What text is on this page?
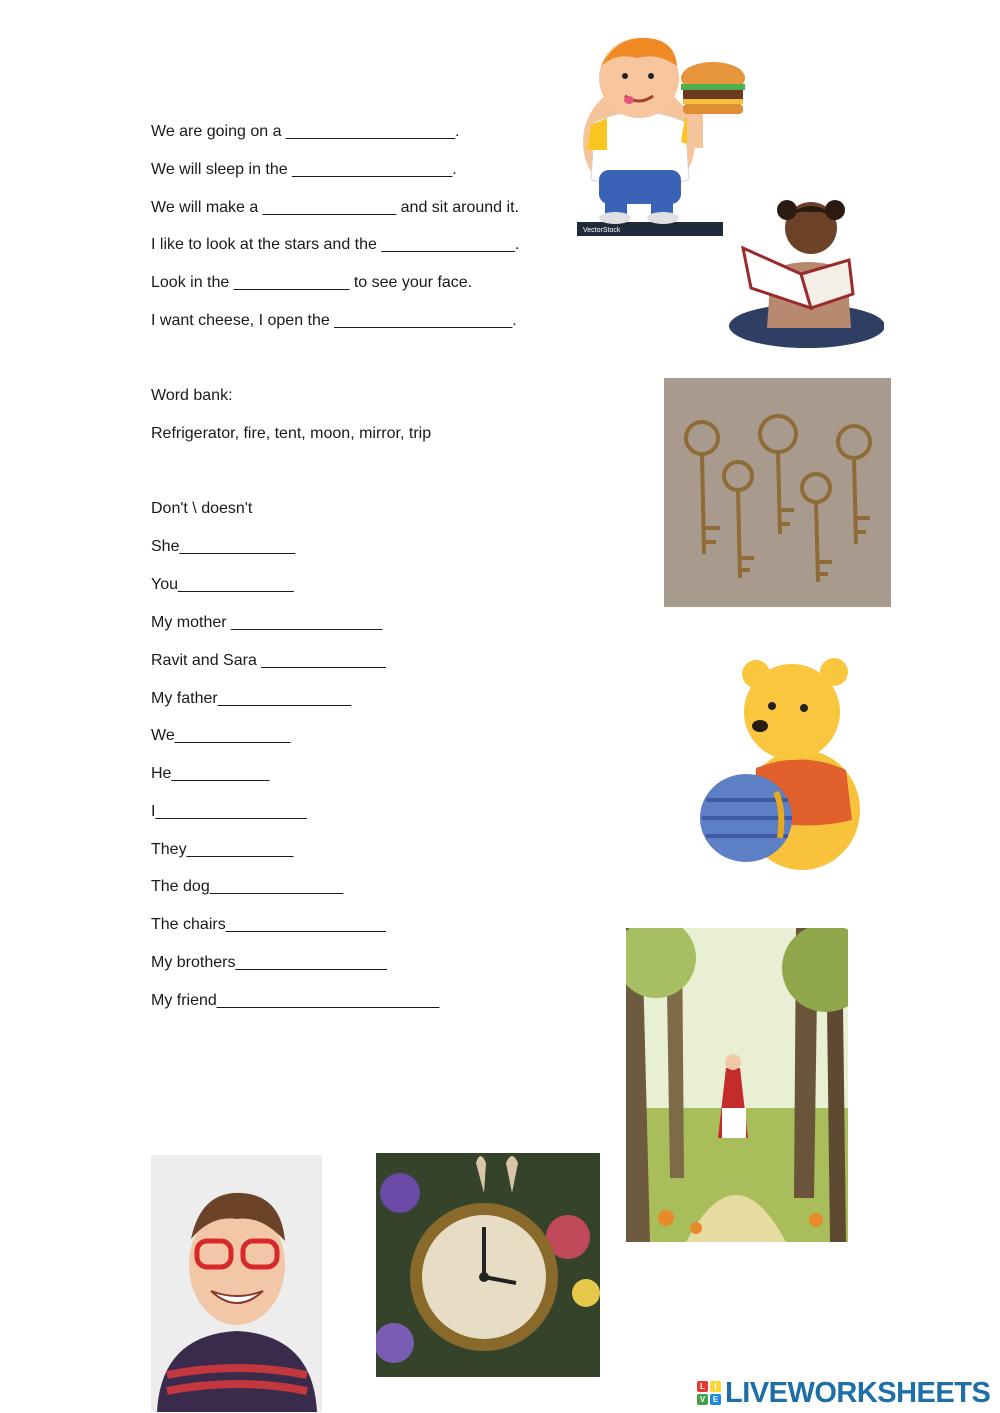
We are going on a ___________________.
We will sleep in the __________________.
We will make a _______________ and sit around it.
I like to look at the stars and the _______________.
Look in the _____________ to see your face.
I want cheese, I open the ____________________.
Word bank:
Refrigerator, fire, tent, moon, mirror, trip
Don't \ doesn't
She_____________
You_____________
My mother _________________
Ravit and Sara ______________
My father_______________
We_____________
He___________
I_________________
They____________
The dog_______________
The chairs__________________
My brothers_________________
My friend_________________________
VectorStock
L	I
V E LIVEWORKSHEETS
